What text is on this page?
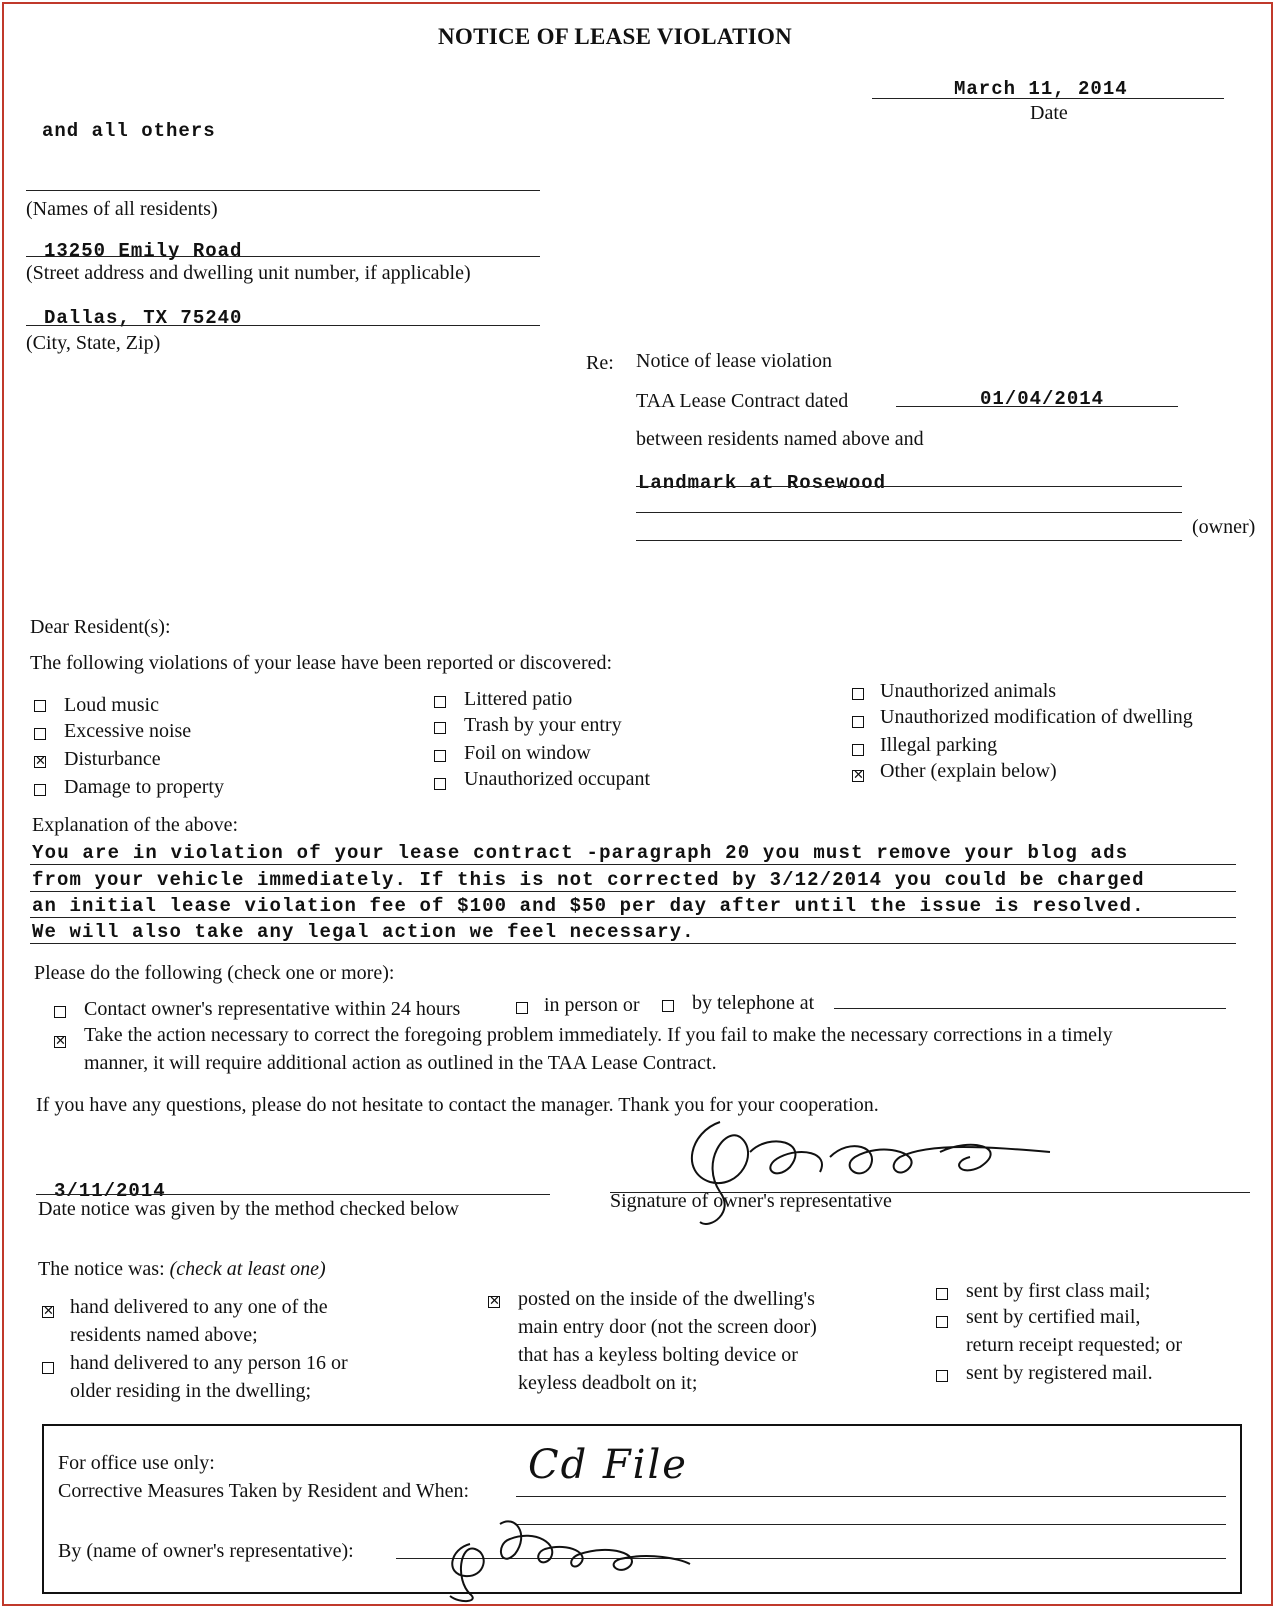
NOTICE OF LEASE VIOLATION
March 11, 2014
Date
and all others
(Names of all residents)
13250 Emily Road
(Street address and dwelling unit number, if applicable)
Dallas, TX 75240
(City, State, Zip)
Re: Notice of lease violation
TAA Lease Contract dated	01/04/2014
between residents named above and
Landmark at Rosewood
(owner)
Dear Resident(s):
The following violations of your lease have been reported or discovered:
Loud music
Excessive noise
✕ Disturbance
Damage to property
Littered patio
Trash by your entry
Foil on window
Unauthorized occupant
Unauthorized animals
Unauthorized modification of dwelling
Illegal parking
✕ Other (explain below)
Explanation of the above:
You are in violation of your lease contract -paragraph 20 you must remove your blog ads
from your vehicle immediately. If this is not corrected by 3/12/2014 you could be charged
an initial lease violation fee of $100 and $50 per day after until the issue is resolved.
We will also take any legal action we feel necessary.
Please do the following (check one or more):
Contact owner's representative within 24 hours	in person or	by telephone at
✕ Take the action necessary to correct the foregoing problem immediately. If you fail to make the necessary corrections in a timely
manner, it will require additional action as outlined in the TAA Lease Contract.
If you have any questions, please do not hesitate to contact the manager. Thank you for your cooperation.
3/11/2014
Date notice was given by the method checked below	Signature of owner's representative
The notice was: (check at least one)
✕ hand delivered to any one of the
residents named above;
hand delivered to any person 16 or
older residing in the dwelling;
✕ posted on the inside of the dwelling's
main entry door (not the screen door)
that has a keyless bolting device or
keyless deadbolt on it;
sent by first class mail;
sent by certified mail,
return receipt requested; or
sent by registered mail.
For office use only:
Corrective Measures Taken by Resident and When:
Cd File
By (name of owner's representative):
